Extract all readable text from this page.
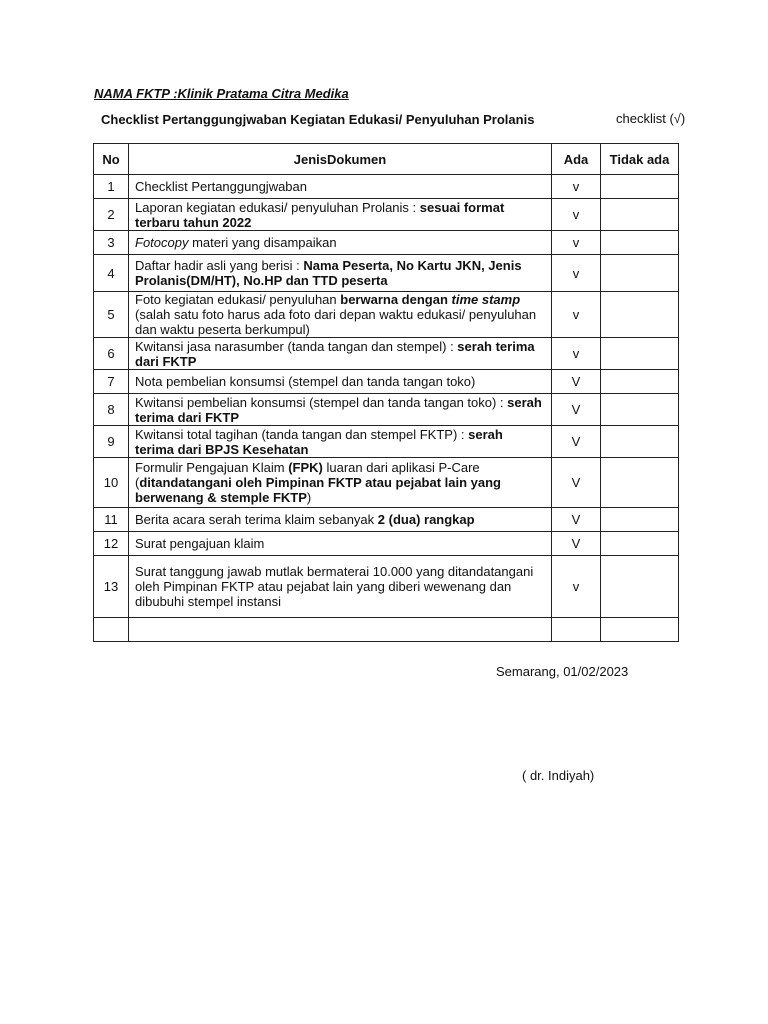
NAMA FKTP :Klinik Pratama Citra Medika
Checklist Pertanggungjwaban Kegiatan Edukasi/ Penyuluhan Prolanis	checklist (√)
No	JenisDokumen	Ada	Tidak ada
1	Checklist Pertanggungjwaban	v	
2	Laporan kegiatan edukasi/ penyuluhan Prolanis : sesuai format terbaru tahun 2022	v	
3	Fotocopy materi yang disampaikan	v	
4	Daftar hadir asli yang berisi : Nama Peserta, No Kartu JKN, Jenis Prolanis(DM/HT), No.HP dan TTD peserta	v	
5	Foto kegiatan edukasi/ penyuluhan berwarna dengan time stamp (salah satu foto harus ada foto dari depan waktu edukasi/ penyuluhan dan waktu peserta berkumpul)	v	
6	Kwitansi jasa narasumber (tanda tangan dan stempel) : serah terima dari FKTP	v	
7	Nota pembelian konsumsi (stempel dan tanda tangan toko)	V	
8	Kwitansi pembelian konsumsi (stempel dan tanda tangan toko) : serah terima dari FKTP	V	
9	Kwitansi total tagihan (tanda tangan dan stempel FKTP) : serah terima dari BPJS Kesehatan	V	
10	Formulir Pengajuan Klaim (FPK) luaran dari aplikasi P-Care (ditandatangani oleh Pimpinan FKTP atau pejabat lain yang berwenang & stemple FKTP)	V	
11	Berita acara serah terima klaim sebanyak 2 (dua) rangkap	V	
12	Surat pengajuan klaim	V	
13	Surat tanggung jawab mutlak bermaterai 10.000 yang ditandatangani oleh Pimpinan FKTP atau pejabat lain yang diberi wewenang dan dibubuhi stempel instansi	v	

Semarang, 01/02/2023
( dr. Indiyah)
